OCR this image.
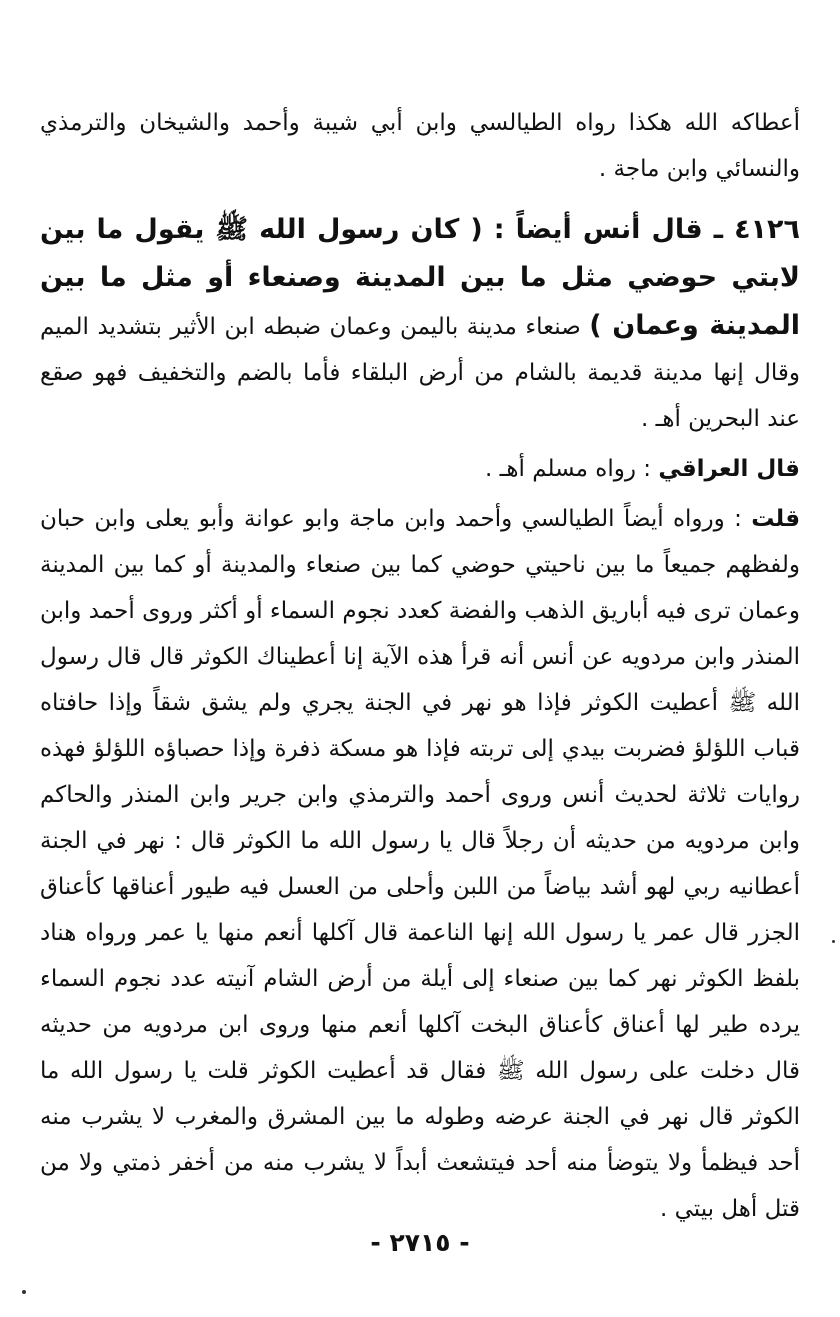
أعطاكه الله هكذا رواه الطيالسي وابن أبي شيبة وأحمد والشيخان والترمذي والنسائي وابن ماجة .

٤١٢٦ ـ قال أنس أيضاً : ( كان رسول الله ﷺ يقول ما بين لابتي حوضي مثل ما بين المدينة وصنعاء أو مثل ما بين المدينة وعمان ) صنعاء مدينة باليمن وعمان ضبطه ابن الأثير بتشديد الميم وقال إنها مدينة قديمة بالشام من أرض البلقاء فأما بالضم والتخفيف فهو صقع عند البحرين أهـ .

قال العراقي : رواه مسلم أهـ .

قلت : ورواه أيضاً الطيالسي وأحمد وابن ماجة وابو عوانة وأبو يعلى وابن حبان ولفظهم جميعاً ما بين ناحيتي حوضي كما بين صنعاء والمدينة أو كما بين المدينة وعمان ترى فيه أباريق الذهب والفضة كعدد نجوم السماء أو أكثر وروى أحمد وابن المنذر وابن مردويه عن أنس أنه قرأ هذه الآية إنا أعطيناك الكوثر قال قال رسول الله ﷺ أعطيت الكوثر فإذا هو نهر في الجنة يجري ولم يشق شقاً وإذا حافتاه قباب اللؤلؤ فضربت بيدي إلى تربته فإذا هو مسكة ذفرة وإذا حصباؤه اللؤلؤ فهذه روايات ثلاثة لحديث أنس وروى أحمد والترمذي وابن جرير وابن المنذر والحاكم وابن مردويه من حديثه أن رجلاً قال يا رسول الله ما الكوثر قال : نهر في الجنة أعطانيه ربي لهو أشد بياضاً من اللبن وأحلى من العسل فيه طيور أعناقها كأعناق الجزر قال عمر يا رسول الله إنها الناعمة قال آكلها أنعم منها يا عمر ورواه هناد بلفظ الكوثر نهر كما بين صنعاء إلى أيلة من أرض الشام آنيته عدد نجوم السماء يرده طير لها أعناق كأعناق البخت آكلها أنعم منها وروى ابن مردويه من حديثه قال دخلت على رسول الله ﷺ فقال قد أعطيت الكوثر قلت يا رسول الله ما الكوثر قال نهر في الجنة عرضه وطوله ما بين المشرق والمغرب لا يشرب منه أحد فيظمأ ولا يتوضأ منه أحد فيتشعث أبداً لا يشرب منه من أخفر ذمتي ولا من قتل أهل بيتي .

- ٢٧١٥ -
